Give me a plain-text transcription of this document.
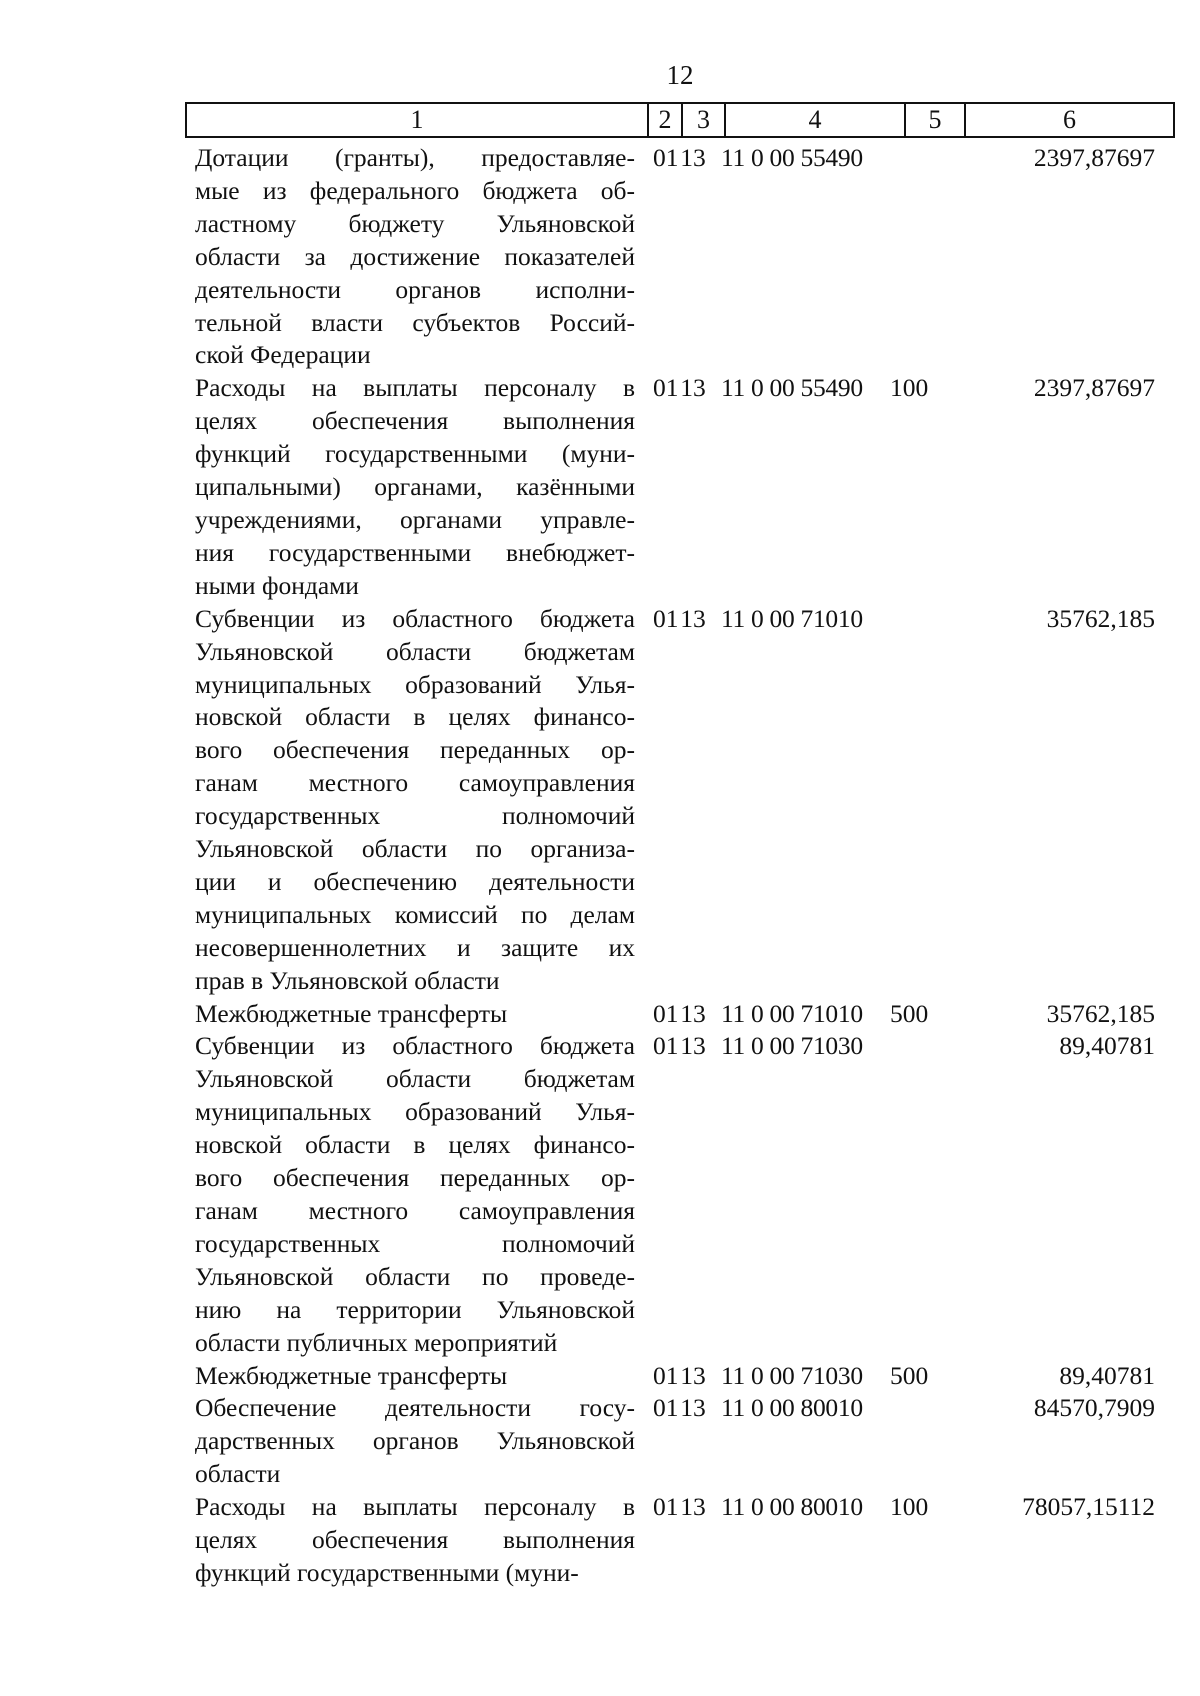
12
1	2 3	4	5	6
Дотации (гранты), предоставляе-
мые из федерального бюджета об-
ластному бюджету Ульяновской
области за достижение показателей
деятельности органов исполни-
тельной власти субъектов Россий-
ской Федерации
01 13 11 0 00 55490	2397,87697
Расходы на выплаты персоналу в
целях обеспечения выполнения
функций государственными (муни-
ципальными) органами, казёнными
учреждениями, органами управле-
ния государственными внебюджет-
ными фондами
01 13 11 0 00 55490	100	2397,87697
Субвенции из областного бюджета
Ульяновской области бюджетам
муниципальных образований Улья-
новской области в целях финансо-
вого обеспечения переданных ор-
ганам местного самоуправления
государственных полномочий
Ульяновской области по организа-
ции и обеспечению деятельности
муниципальных комиссий по делам
несовершеннолетних и защите их
прав в Ульяновской области
01 13 11 0 00 71010	35762,185
Межбюджетные трансферты	01 13 11 0 00 71010	500	35762,185
Субвенции из областного бюджета
Ульяновской области бюджетам
муниципальных образований Улья-
новской области в целях финансо-
вого обеспечения переданных ор-
ганам местного самоуправления
государственных полномочий
Ульяновской области по проведе-
нию на территории Ульяновской
области публичных мероприятий
01 13 11 0 00 71030	89,40781
Межбюджетные трансферты	01 13 11 0 00 71030	500	89,40781
Обеспечение деятельности госу-
дарственных органов Ульяновской
области
01 13 11 0 00 80010	84570,7909
Расходы на выплаты персоналу в
целях обеспечения выполнения
функций государственными (муни-
01 13 11 0 00 80010	100	78057,15112
